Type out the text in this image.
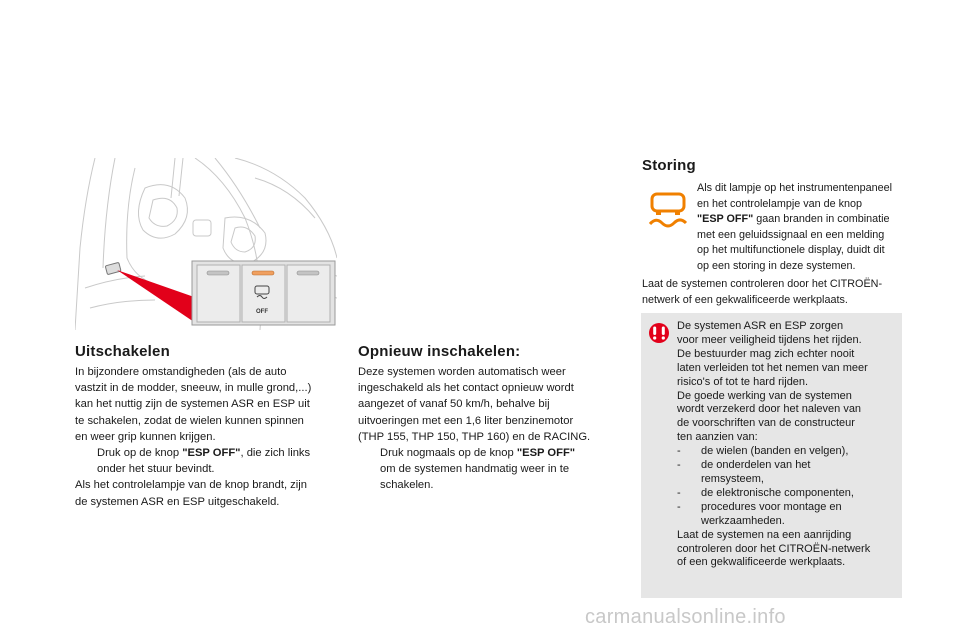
OFF
Uitschakelen

In bijzondere omstandigheden (als de auto

vastzit in de modder, sneeuw, in mulle grond,...)

kan het nuttig zijn de systemen ASR en ESP uit

te schakelen, zodat de wielen kunnen spinnen

en weer grip kunnen krijgen.

Druk op de knop "ESP OFF", die zich links

onder het stuur bevindt.

Als het controlelampje van de knop brandt, zijn

de systemen ASR en ESP uitgeschakeld.

Opnieuw inschakelen:

Deze systemen worden automatisch weer

ingeschakeld als het contact opnieuw wordt

aangezet of vanaf 50 km/h, behalve bij

uitvoeringen met een 1,6 liter benzinemotor

(THP 155, THP 150, THP 160) en de RACING.

Druk nogmaals op de knop "ESP OFF"

om de systemen handmatig weer in te

schakelen.

Storing

Als dit lampje op het instrumentenpaneel

en het controlelampje van de knop

"ESP OFF" gaan branden in combinatie

met een geluidssignaal en een melding

op het multifunctionele display, duidt dit

op een storing in deze systemen.

Laat de systemen controleren door het CITROËN-

netwerk of een gekwalificeerde werkplaats.

De systemen ASR en ESP zorgen

voor meer veiligheid tijdens het rijden.

De bestuurder mag zich echter nooit

laten verleiden tot het nemen van meer

risico's of tot te hard rijden.

De goede werking van de systemen

wordt verzekerd door het naleven van

de voorschriften van de constructeur

ten aanzien van:

- de wielen (banden en velgen),

- de onderdelen van het

remsysteem,

- de elektronische componenten,

- procedures voor montage en

werkzaamheden.

Laat de systemen na een aanrijding

controleren door het CITROËN-netwerk

of een gekwalificeerde werkplaats.

carmanualsonline.info
